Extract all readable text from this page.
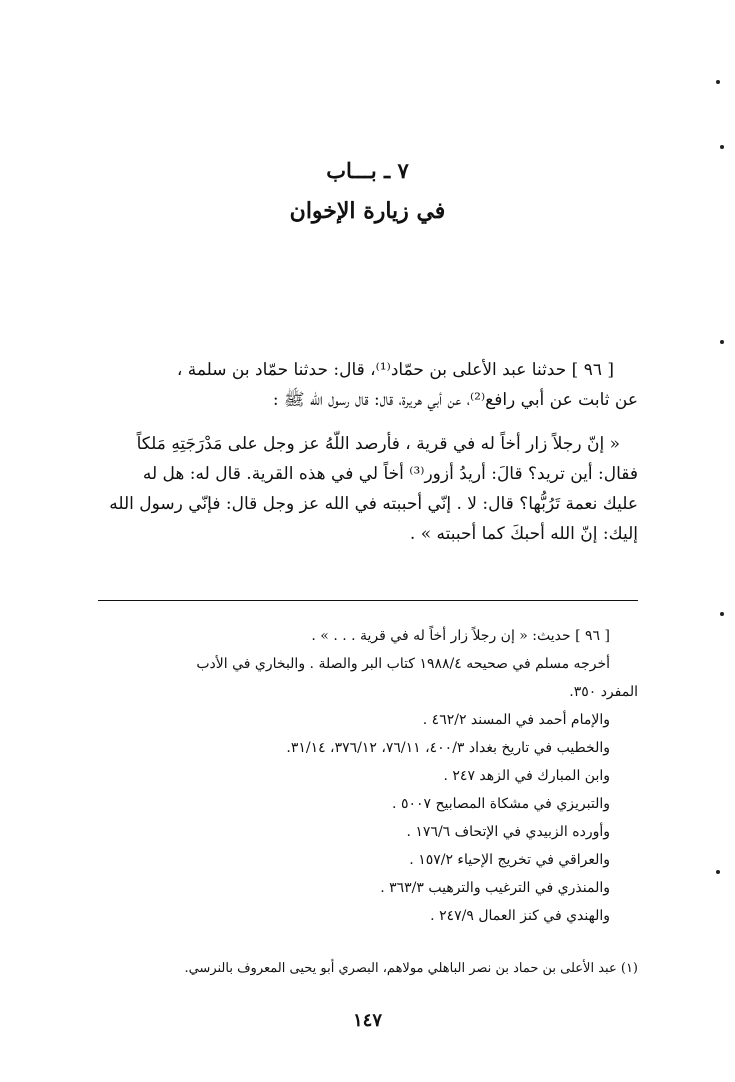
٧ ـ بـــاب
في زيارة الإخوان
[ ٩٦ ] حدثنا عبد الأعلى بن حمّاد⁽¹⁾، قال: حدثنا حمّاد بن سلمة ،
عن ثابت عن أبي رافع⁽²⁾، عن أبي هريرة، قال: قال رسول الله ﷺ :
« إنّ رجلاً زار أخاً له في قرية ، فأرصد اللّهُ عز وجل على مَدْرَجَتِهِ مَلكاً
فقال: أين تريد؟ قالَ: أريدُ أزور⁽³⁾ أخاً لي في هذه القرية. قال له: هل له
عليك نعمة تَرُبُّها؟ قال: لا . إنّي أحببته في الله عز وجل قال: فإنّي رسول الله
إليك: إنّ الله أحبكَ كما أحببته » .
[ ٩٦ ] حديث: « إن رجلاً زار أخاً له في قرية . . . » .
أخرجه مسلم في صحيحه ١٩٨٨/٤ كتاب البر والصلة . والبخاري في الأدب
المفرد ٣٥٠.
والإمام أحمد في المسند ٤٦٢/٢ .
والخطيب في تاريخ بغداد ٤٠٠/٣، ٧٦/١١، ٣٧٦/١٢، ٣١/١٤.
وابن المبارك في الزهد ٢٤٧ .
والتبريزي في مشكاة المصابيح ٥٠٠٧ .
وأورده الزبيدي في الإتحاف ١٧٦/٦ .
والعراقي في تخريج الإحياء ١٥٧/٢ .
والمنذري في الترغيب والترهيب ٣٦٣/٣ .
والهندي في كنز العمال ٢٤٧/٩ .
(١) عبد الأعلى بن حماد بن نصر الباهلي مولاهم، البصري أبو يحيى المعروف بالنرسي.
١٤٧
